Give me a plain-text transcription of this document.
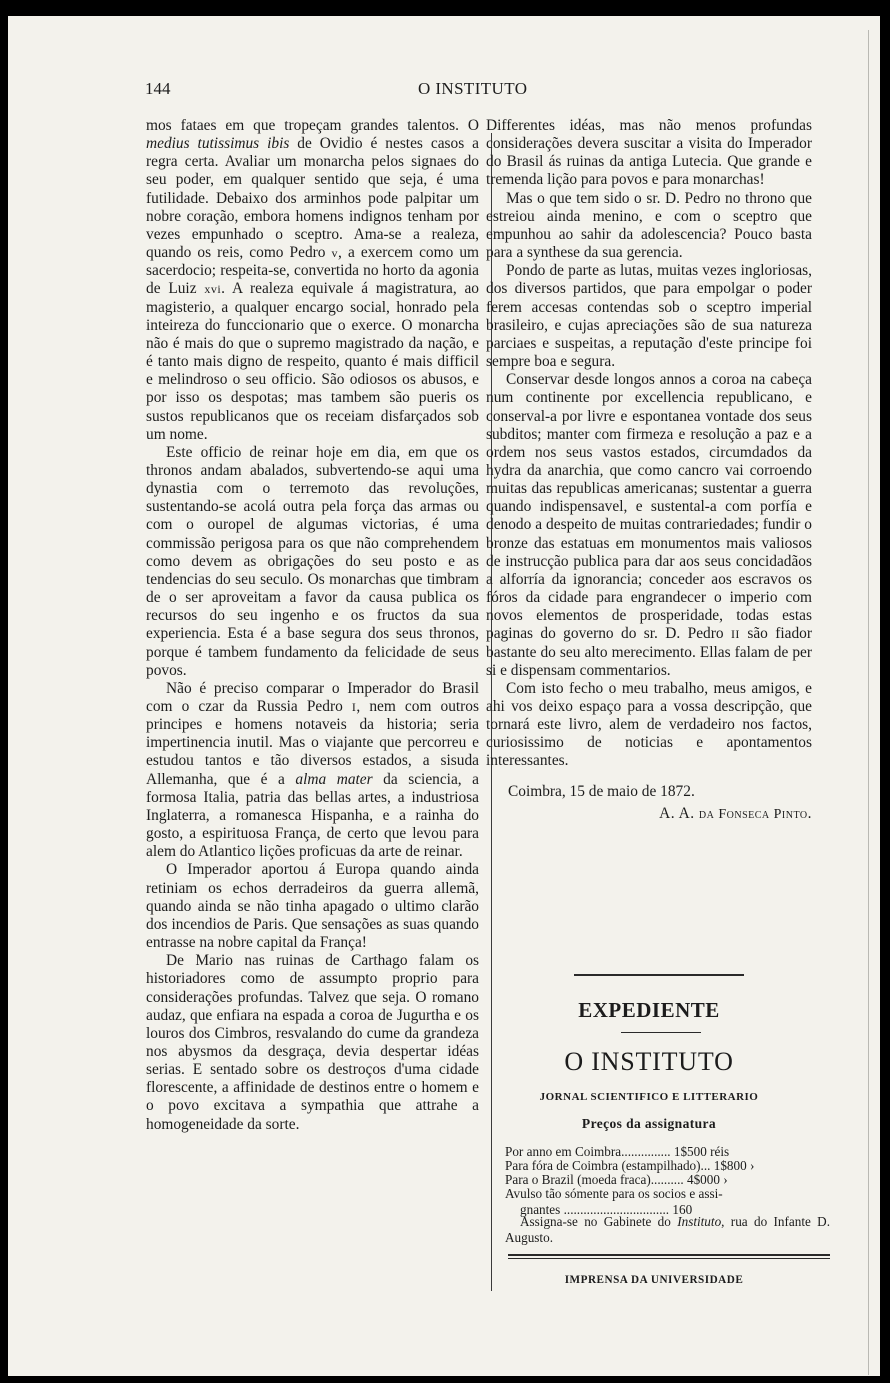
144	O INSTITUTO

mos fataes em que tropeçam grandes talentos. O medius tutissimus ibis de Ovidio é nestes casos a regra certa. Avaliar um monarcha pelos signaes do seu poder, em qualquer sentido que seja, é uma futilidade. Debaixo dos arminhos pode palpitar um nobre coração, embora homens indignos tenham por vezes empunhado o sceptro. Ama-se a realeza, quando os reis, como Pedro v, a exercem como um sacerdocio; respeita-se, convertida no horto da agonia de Luiz xvi. A realeza equivale á magistratura, ao magisterio, a qualquer encargo social, honrado pela inteireza do funccionario que o exerce. O monarcha não é mais do que o supremo magistrado da nação, e é tanto mais digno de respeito, quanto é mais difficil e melindroso o seu officio. São odiosos os abusos, e por isso os despotas; mas tambem são pueris os sustos republicanos que os receiam disfarçados sob um nome.

Este officio de reinar hoje em dia, em que os thronos andam abalados, subvertendo-se aqui uma dynastia com o terremoto das revoluções, sustentando-se acolá outra pela força das armas ou com o ouropel de algumas victorias, é uma commissão perigosa para os que não comprehendem como devem as obrigações do seu posto e as tendencias do seu seculo. Os monarchas que timbram de o ser aproveitam a favor da causa publica os recursos do seu ingenho e os fructos da sua experiencia. Esta é a base segura dos seus thronos, porque é tambem fundamento da felicidade de seus povos.

Não é preciso comparar o Imperador do Brasil com o czar da Russia Pedro I, nem com outros principes e homens notaveis da historia; seria impertinencia inutil. Mas o viajante que percorreu e estudou tantos e tão diversos estados, a sisuda Allemanha, que é a alma mater da sciencia, a formosa Italia, patria das bellas artes, a industriosa Inglaterra, a romanesca Hispanha, e a rainha do gosto, a espirituosa França, de certo que levou para alem do Atlantico lições proficuas da arte de reinar.

O Imperador aportou á Europa quando ainda retiniam os echos derradeiros da guerra allemã, quando ainda se não tinha apagado o ultimo clarão dos incendios de Paris. Que sensações as suas quando entrasse na nobre capital da França!

De Mario nas ruinas de Carthago falam os historiadores como de assumpto proprio para considerações profundas. Talvez que seja. O romano audaz, que enfiara na espada a coroa de Jugurtha e os louros dos Cimbros, resvalando do cume da grandeza nos abysmos da desgraça, devia despertar idéas serias. E sentado sobre os destroços d'uma cidade florescente, a affinidade de destinos entre o homem e o povo excitava a sympathia que attrahe a homogeneidade da sorte.

Differentes idéas, mas não menos profundas considerações devera suscitar a visita do Imperador do Brasil ás ruinas da antiga Lutecia. Que grande e tremenda lição para povos e para monarchas!

Mas o que tem sido o sr. D. Pedro no throno que estreiou ainda menino, e com o sceptro que empunhou ao sahir da adolescencia? Pouco basta para a synthese da sua gerencia.

Pondo de parte as lutas, muitas vezes ingloriosas, dos diversos partidos, que para empolgar o poder ferem accesas contendas sob o sceptro imperial brasileiro, e cujas apreciações são de sua natureza parciaes e suspeitas, a reputação d'este principe foi sempre boa e segura.

Conservar desde longos annos a coroa na cabeça num continente por excellencia republicano, e conserval-a por livre e espontanea vontade dos seus subditos; manter com firmeza e resolução a paz e a ordem nos seus vastos estados, circumdados da hydra da anarchia, que como cancro vai corroendo muitas das republicas americanas; sustentar a guerra quando indispensavel, e sustental-a com porfía e denodo a despeito de muitas contrariedades; fundir o bronze das estatuas em monumentos mais valiosos de instrucção publica para dar aos seus concidadãos a alforría da ignorancia; conceder aos escravos os fóros da cidade para engrandecer o imperio com novos elementos de prosperidade, todas estas paginas do governo do sr. D. Pedro II são fiador bastante do seu alto merecimento. Ellas falam de per si e dispensam commentarios.

Com isto fecho o meu trabalho, meus amigos, e ahi vos deixo espaço para a vossa descripção, que tornará este livro, alem de verdadeiro nos factos, curiosissimo de noticias e apontamentos interessantes.

Coimbra, 15 de maio de 1872.

A. A. da Fonseca Pinto.

EXPEDIENTE
O INSTITUTO
JORNAL SCIENTIFICO E LITTERARIO
Preços da assignatura
Por anno em Coimbra............... 1$500 réis
Para fóra de Coimbra (estampilhado)... 1$800 ›
Para o Brazil (moeda fraca).......... 4$000 ›
Avulso tão sómente para os socios e assi-
gnantes ................................ 160
Assigna-se no Gabinete do Instituto, rua do Infante D. Augusto.
IMPRENSA DA UNIVERSIDADE
